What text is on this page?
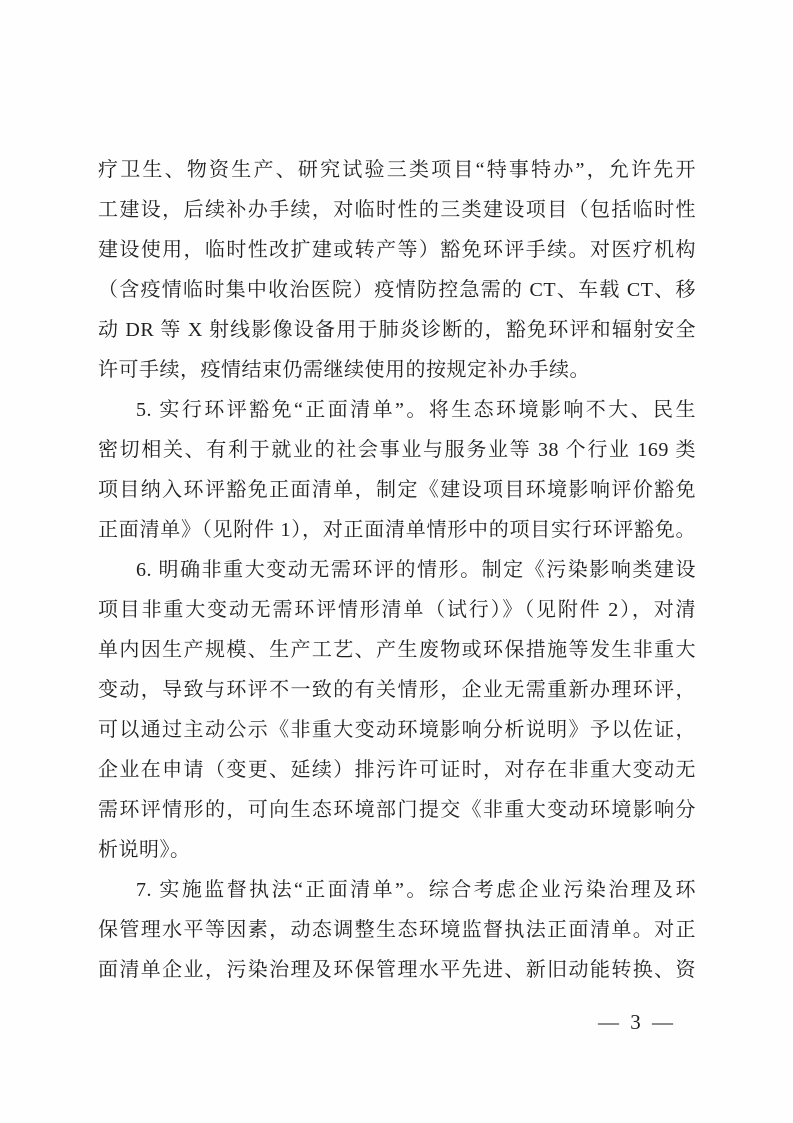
疗卫生、物资生产、研究试验三类项目“特事特办”，允许先开
工建设，后续补办手续，对临时性的三类建设项目（包括临时性
建设使用，临时性改扩建或转产等）豁免环评手续。对医疗机构
（含疫情临时集中收治医院）疫情防控急需的 CT、车载 CT、移
动 DR 等 X 射线影像设备用于肺炎诊断的，豁免环评和辐射安全
许可手续，疫情结束仍需继续使用的按规定补办手续。
5. 实行环评豁免“正面清单”。将生态环境影响不大、民生
密切相关、有利于就业的社会事业与服务业等 38 个行业 169 类
项目纳入环评豁免正面清单，制定《建设项目环境影响评价豁免
正面清单》（见附件 1），对正面清单情形中的项目实行环评豁免。
6. 明确非重大变动无需环评的情形。制定《污染影响类建设
项目非重大变动无需环评情形清单（试行）》（见附件 2），对清
单内因生产规模、生产工艺、产生废物或环保措施等发生非重大
变动，导致与环评不一致的有关情形，企业无需重新办理环评，
可以通过主动公示《非重大变动环境影响分析说明》予以佐证，
企业在申请（变更、延续）排污许可证时，对存在非重大变动无
需环评情形的，可向生态环境部门提交《非重大变动环境影响分
析说明》。
7. 实施监督执法“正面清单”。综合考虑企业污染治理及环
保管理水平等因素，动态调整生态环境监督执法正面清单。对正
面清单企业，污染治理及环保管理水平先进、新旧动能转换、资
— 3 —
